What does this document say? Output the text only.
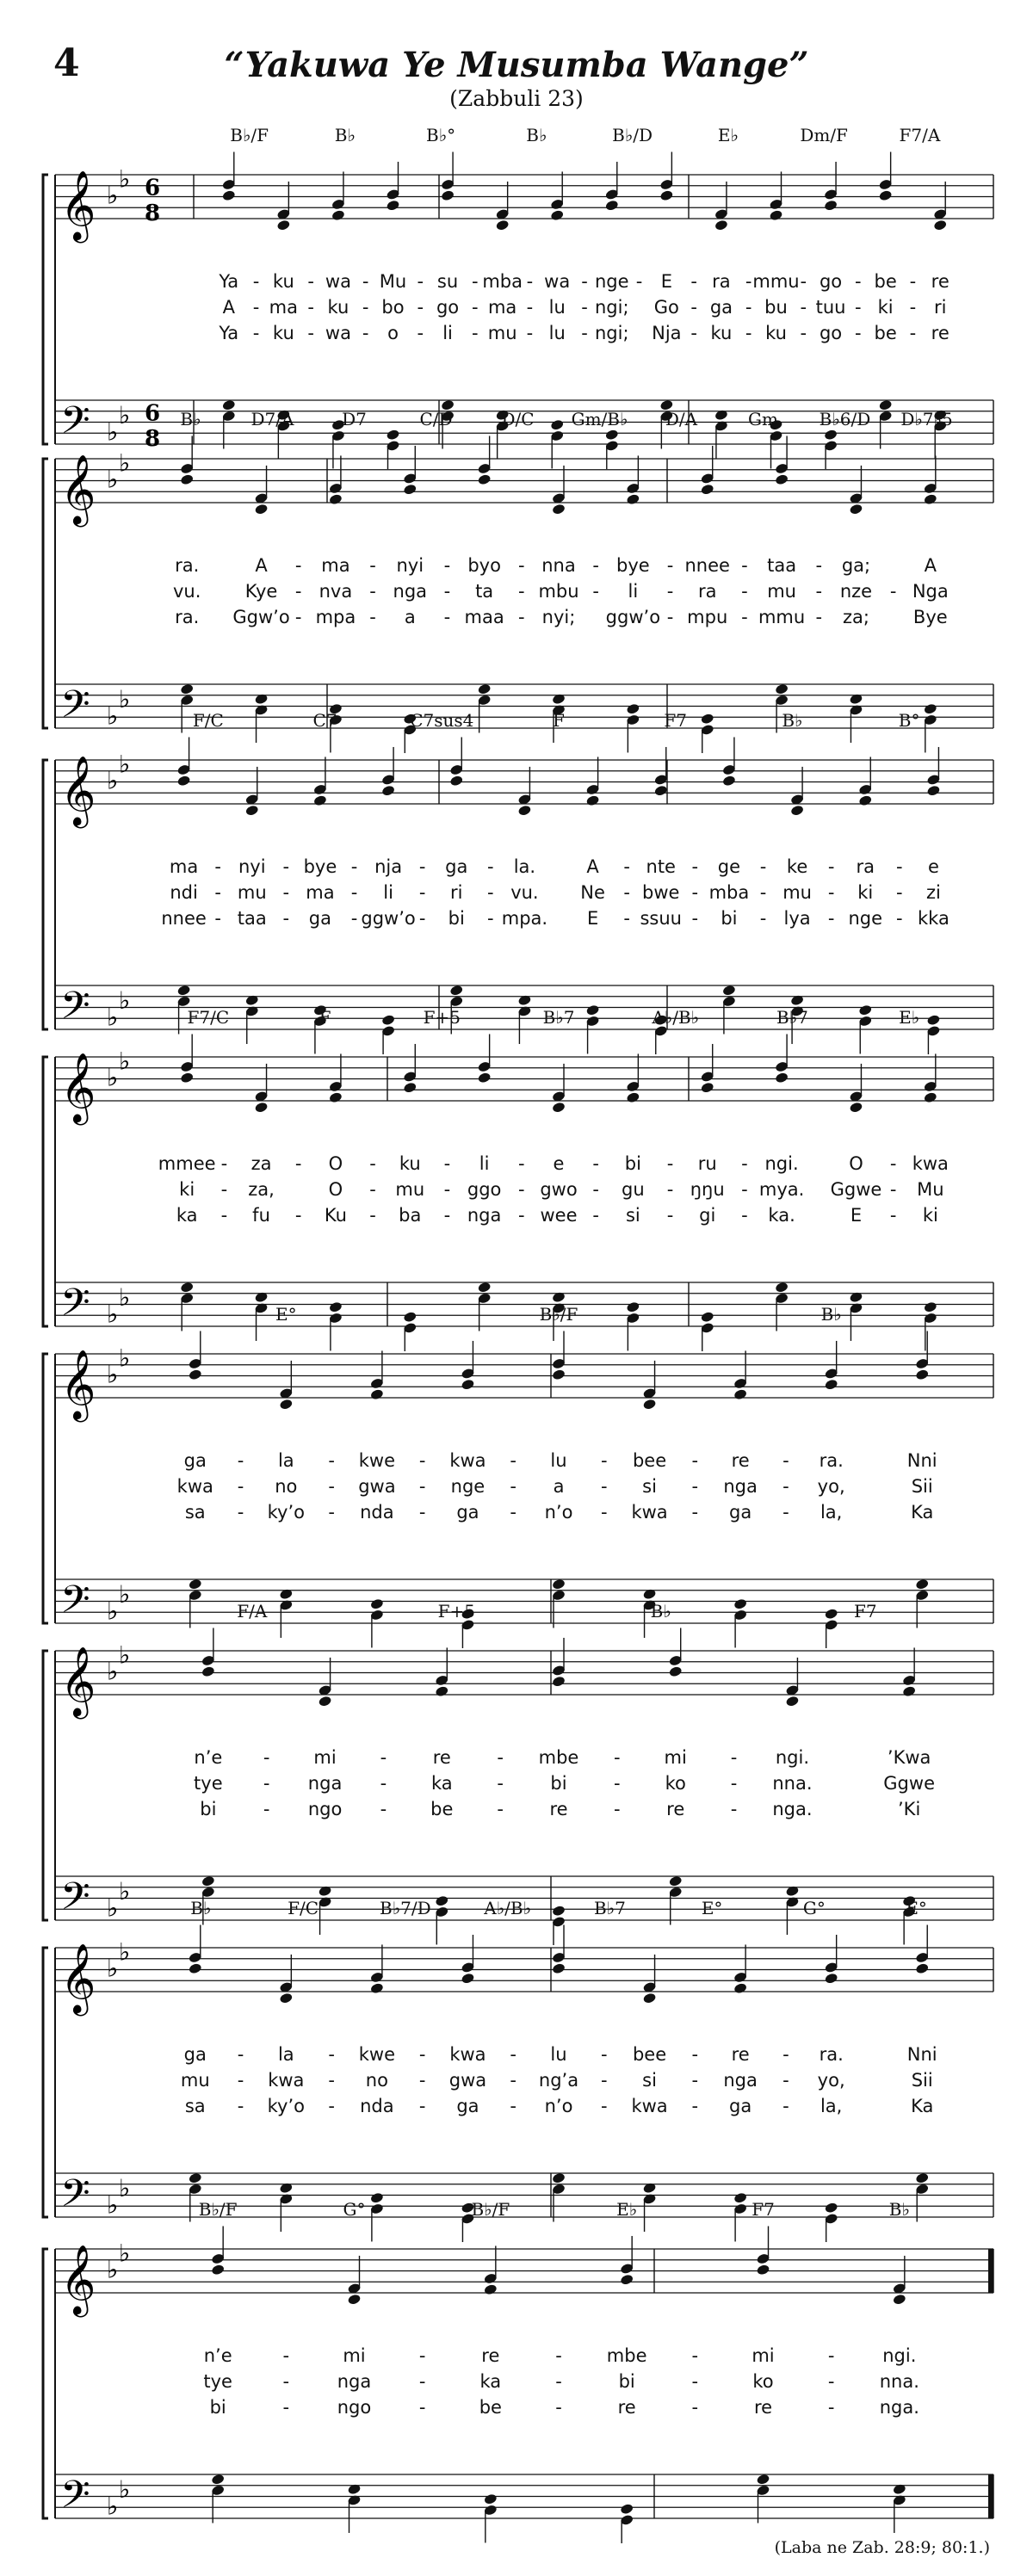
4	“Yakuwa Ye Musumba Wange”
(Zabbuli 23)
B♭/F	B♭	B♭°	B♭	B♭/D	E♭	Dm/F	F7/A
𝄞
𝄢
♭
♭
♭
♭
6
8
6
8
Ya - ku - wa - Mu - su - mba - wa - nge - E - ra - mmu - go - be - re
A - ma - ku - bo - go - ma - lu - ngi; Go - ga - bu - tuu - ki - ri
Ya - ku - wa - o - li - mu - lu - ngi; Nja - ku - ku - go - be - re
B♭	D7/A	D7	C/D	D/C Gm/B♭ D/A	Gm B♭6/D D♭7♭5
𝄞
𝄢
♭
♭
♭
♭
ra.	A - ma - nyi - byo - nna - bye - nnee - taa - ga;	A
vu. Kye - nva - nga - ta - mbu - li - ra - mu - nze - Nga
ra. Ggw’o - mpa - a - maa - nyi; ggw’o - mpu - mmu - za; Bye
F/C	C7	C7sus4	F	F7	B♭	B°
𝄞
𝄢
♭
♭
♭
♭
ma - nyi - bye - nja - ga - la.	A - nte - ge - ke - ra - e
ndi - mu - ma - li - ri - vu. Ne - bwe - mba - mu - ki - zi
nnee - taa - ga - ggw’o - bi - mpa. E - ssuu - bi - lya - nge - kka
F7/C	F	F+5	B♭7	A♭/B♭	B♭7	E♭
𝄞
𝄢
♭
♭
♭
♭
mmee - za - O - ku - li - e - bi - ru - ngi.	O - kwa
ki - za,	O - mu - ggo - gwo - gu - ŋŋu - mya. Ggwe - Mu
ka - fu - Ku - ba - nga - wee - si - gi - ka.	E - ki
E°	B♭/F	B♭
𝄞
𝄢
♭
♭
♭
♭
ga - la - kwe - kwa - lu - bee - re - ra.	Nni
kwa - no - gwa - nge - a - si - nga - yo,	Sii
sa - ky’o - nda - ga - n’o - kwa - ga - la,	Ka
F/A	F+5	B♭	F7
𝄞
𝄢
♭
♭
♭
♭
n’e - mi -	re	- mbe - mi - ngi.	’Kwa
tye - nga - ka -	bi	- ko - nna.	Ggwe
bi	- ngo - be -	re	-	re	- nga.	’Ki
B♭	F/C	B♭7/D	A♭/B♭	B♭7	E°	G°	E°
𝄞
𝄢
♭
♭
♭
♭
ga - la - kwe - kwa - lu - bee - re - ra.	Nni
mu - kwa - no - gwa - ng’a - si - nga - yo,	Sii
sa - ky’o - nda - ga - n’o - kwa - ga - la,	Ka
B♭/F	G°	B♭/F	E♭	F7	B♭
𝄞
𝄢
♭
♭
♭
♭
n’e	-	mi	-	re	- mbe -	mi	-	ngi.
tye	-	nga	-	ka	-	bi	-	ko	- nna.
bi	-	ngo	-	be	-	re	-	re	- nga.
(Laba ne Zab. 28:9; 80:1.)
